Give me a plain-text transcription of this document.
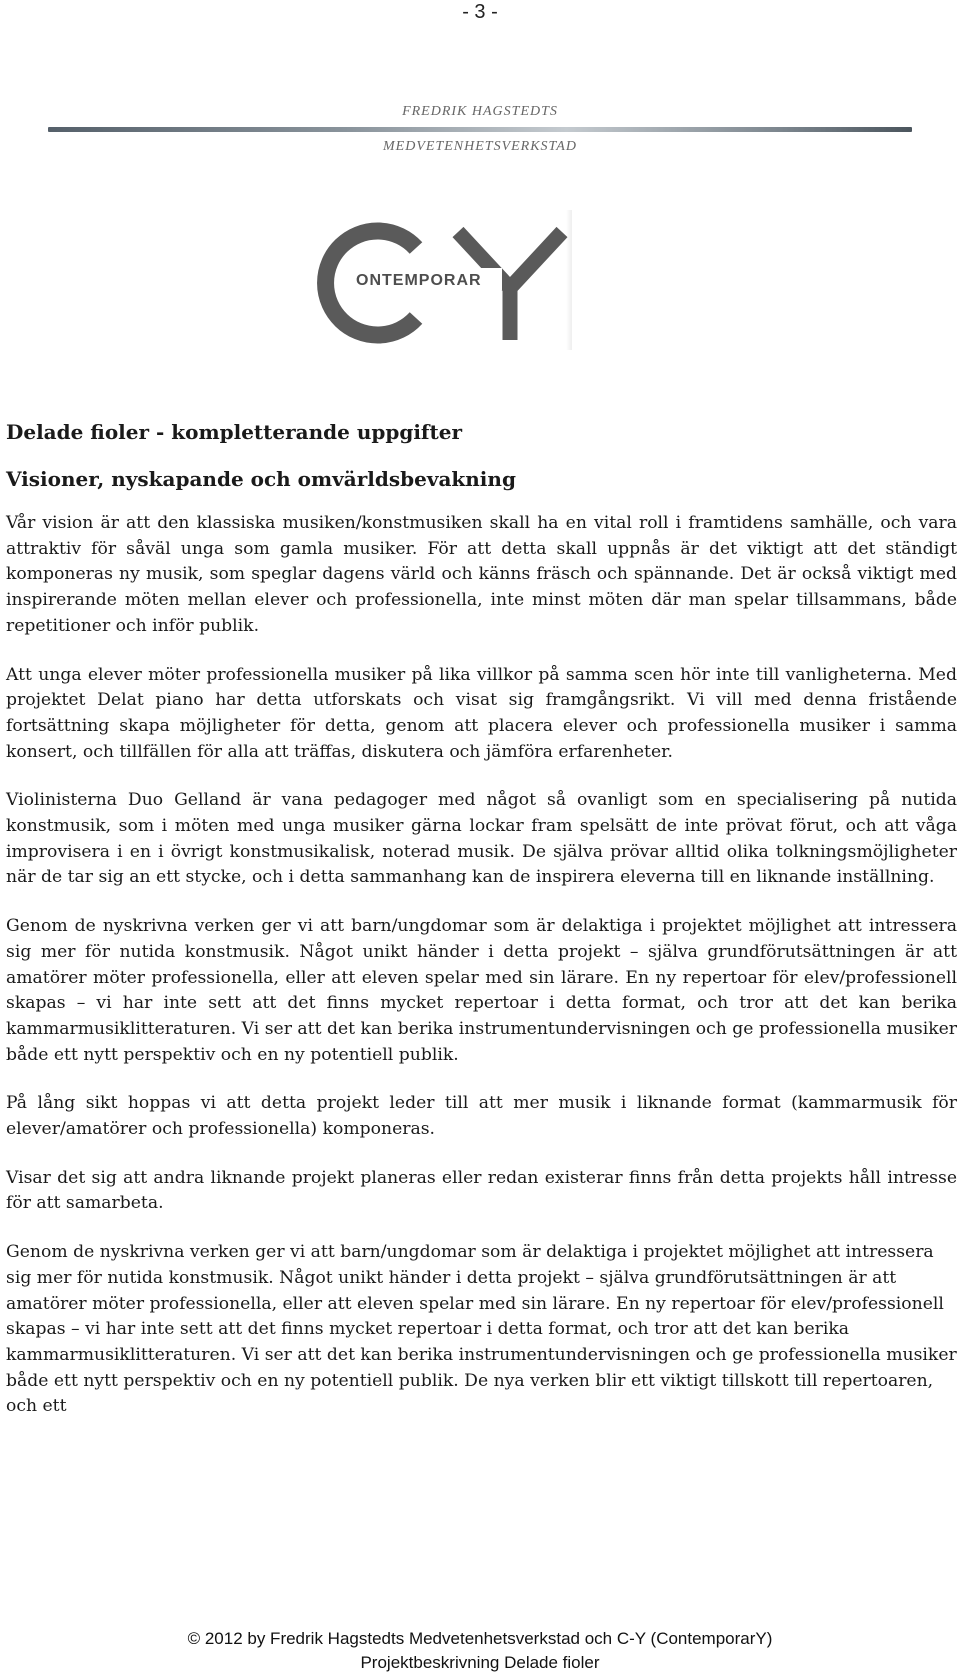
- 3 -
FREDRIK HAGSTEDTS
MEDVETENHETSVERKSTAD
ONTEMPORAR
Delade fioler - kompletterande uppgifter
Visioner, nyskapande och omvärldsbevakning

Vår vision är att den klassiska musiken/konstmusiken skall ha en vital roll i framtidens samhälle, och vara attraktiv för såväl unga som gamla musiker. För att detta skall uppnås är det viktigt att det ständigt komponeras ny musik, som speglar dagens värld och känns fräsch och spännande. Det är också viktigt med inspirerande möten mellan elever och professionella, inte minst möten där man spelar tillsammans, både repetitioner och inför publik.

Att unga elever möter professionella musiker på lika villkor på samma scen hör inte till vanligheterna. Med projektet Delat piano har detta utforskats och visat sig framgångsrikt. Vi vill med denna fristående fortsättning skapa möjligheter för detta, genom att placera elever och professionella musiker i samma konsert, och tillfällen för alla att träffas, diskutera och jämföra erfarenheter.

Violinisterna Duo Gelland är vana pedagoger med något så ovanligt som en specialisering på nutida konstmusik, som i möten med unga musiker gärna lockar fram spelsätt de inte prövat förut, och att våga improvisera i en i övrigt konstmusikalisk, noterad musik. De själva prövar alltid olika tolkningsmöjligheter när de tar sig an ett stycke, och i detta sammanhang kan de inspirera eleverna till en liknande inställning.

Genom de nyskrivna verken ger vi att barn/ungdomar som är delaktiga i projektet möjlighet att intressera sig mer för nutida konstmusik. Något unikt händer i detta projekt – själva grundförutsättningen är att amatörer möter professionella, eller att eleven spelar med sin lärare. En ny repertoar för elev/professionell skapas – vi har inte sett att det finns mycket repertoar i detta format, och tror att det kan berika kammarmusiklitteraturen. Vi ser att det kan berika instrumentundervisningen och ge professionella musiker både ett nytt perspektiv och en ny potentiell publik.

På lång sikt hoppas vi att detta projekt leder till att mer musik i liknande format (kammarmusik för elever/amatörer och professionella) komponeras.

Visar det sig att andra liknande projekt planeras eller redan existerar finns från detta projekts håll intresse för att samarbeta.

Genom de nyskrivna verken ger vi att barn/ungdomar som är delaktiga i projektet möjlighet att intressera sig mer för nutida konstmusik. Något unikt händer i detta projekt – själva grundförutsättningen är att amatörer möter professionella, eller att eleven spelar med sin lärare. En ny repertoar för elev/professionell skapas – vi har inte sett att det finns mycket repertoar i detta format, och tror att det kan berika kammarmusiklitteraturen. Vi ser att det kan berika instrumentundervisningen och ge professionella musiker både ett nytt perspektiv och en ny potentiell publik. De nya verken blir ett viktigt tillskott till repertoaren, och ett

© 2012 by Fredrik Hagstedts Medvetenhetsverkstad och C-Y (ContemporarY)
Projektbeskrivning Delade fioler
